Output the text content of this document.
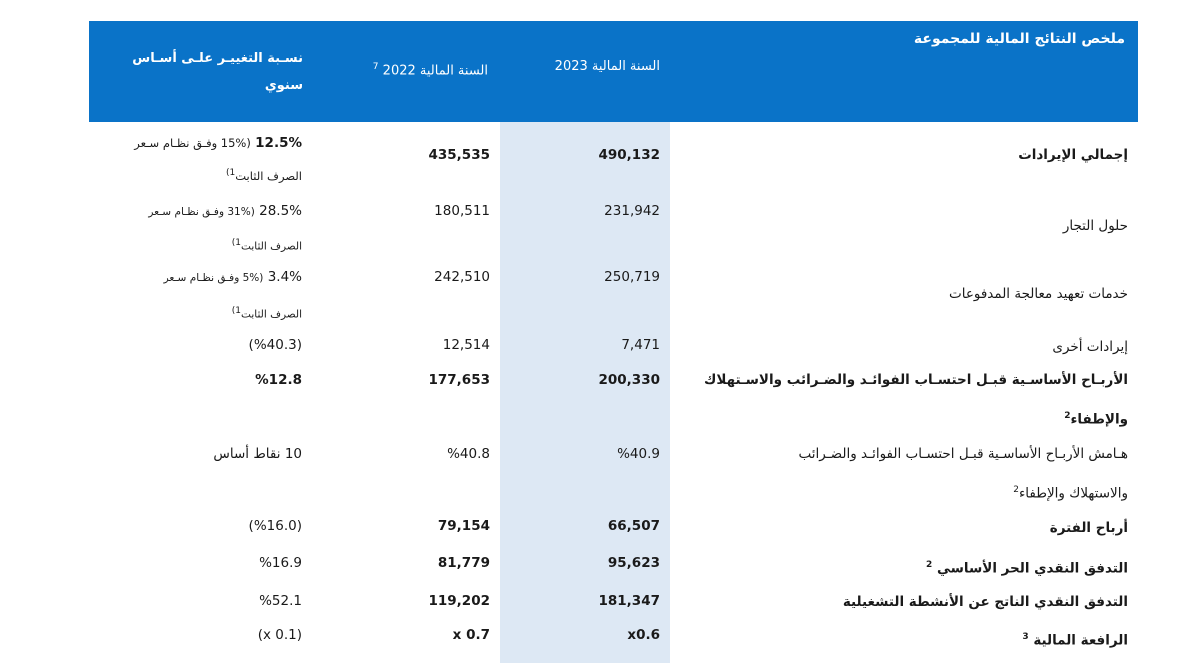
ملخص النتائج المالية للمجموعة
السنة المالية 2023
السنة المالية 2022 $^7$
نسـبة التغييـر علـى أسـاس
سنوي
إجمالي الإيرادات
490,132
435,535
12.5% (15% وفـق نظـام سـعر
الصرف الثابت$^{1)}$
حلول التجار
231,942
180,511
28.5% (31% وفـق نظـام سـعر
الصرف الثابت1)
خدمات تعهيد معالجة المدفوعات
250,719
242,510
3.4% (5% وفـق نظـام سـعر
الصرف الثابت1)
إيرادات أخرى
7,471
12,514
(%40.3)
الأربـاح الأساسـية قبـل احتسـاب الفوائـد والضـرائب والاسـتهلاك
والإطفاء$^2$
200,330
177,653
%12.8
هـامش الأربـاح الأساسـية قبـل احتسـاب الفوائـد والضـرائب
والاستهلاك والإطفاء$^2$
%40.9
%40.8
10 نقاط أساس
أرباح الفترة
66,507
79,154
(%16.0)
التدفق النقدي الحر الأساسي $^2$
95,623
81,779
%16.9
التدفق النقدي الناتج عن الأنشطة التشغيلية
181,347
119,202
%52.1
الرافعة المالية $^3$
x0.6
x 0.7
(x 0.1)
